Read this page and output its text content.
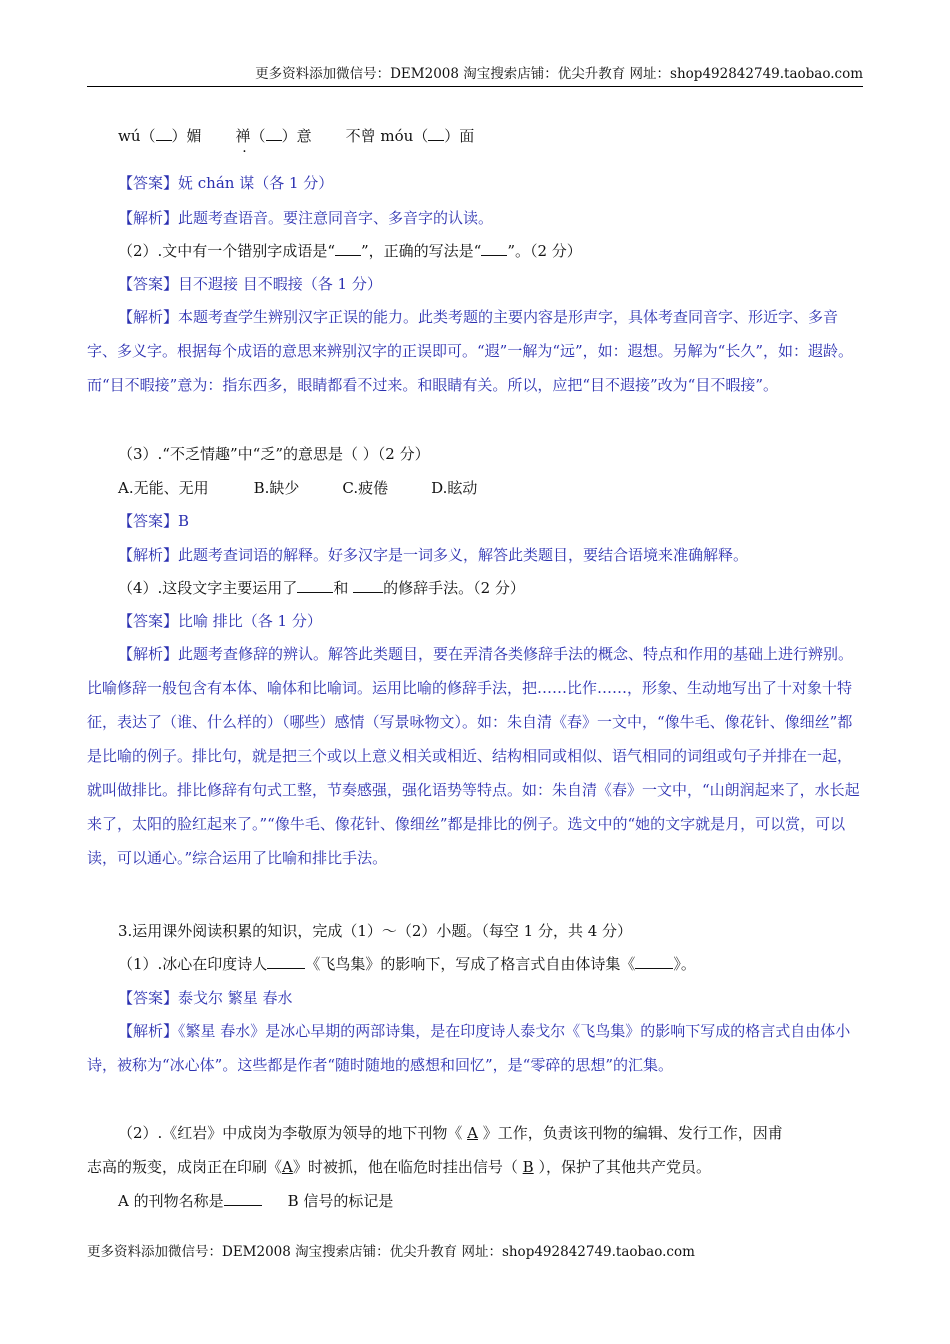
更多资料添加微信号：DEM2008 淘宝搜索店铺：优尖升教育 网址：shop492842749.taobao.com
wú（ ）媚 禅（ ）意 不曾 móu（ ）面
【答案】妩 chán 谋（各 1 分）
【解析】此题考查语音。要注意同音字、多音字的认读。
（2）.文中有一个错别字成语是“ ”，正确的写法是“ ”。（2 分）
【答案】目不遐接 目不暇接（各 1 分）
【解析】本题考查学生辨别汉字正误的能力。此类考题的主要内容是形声字，具体考查同音字、形近字、多音字、多义字。根据每个成语的意思来辨别汉字的正误即可。“遐”一解为“远”，如：遐想。另解为“长久”，如：遐龄。而“目不暇接”意为：指东西多，眼睛都看不过来。和眼睛有关。所以，应把“目不遐接”改为“目不暇接”。
（3）.“不乏情趣”中“乏”的意思是（ ）（2 分）
A.无能、无用	B.缺少	C.疲倦	D.眩动
【答案】B
【解析】此题考查词语的解释。好多汉字是一词多义，解答此类题目，要结合语境来准确解释。
（4）.这段文字主要运用了 和 的修辞手法。（2 分）
【答案】比喻 排比（各 1 分）
【解析】此题考查修辞的辨认。解答此类题目，要在弄清各类修辞手法的概念、特点和作用的基础上进行辨别。比喻修辞一般包含有本体、喻体和比喻词。运用比喻的修辞手法，把……比作……，形象、生动地写出了十对象十特征，表达了（谁、什么样的）（哪些）感情（写景咏物文）。如：朱自清《春》一文中，“像牛毛、像花针、像细丝”都是比喻的例子。排比句，就是把三个或以上意义相关或相近、结构相同或相似、语气相同的词组或句子并排在一起，就叫做排比。排比修辞有句式工整，节奏感强，强化语势等特点。如：朱自清《春》一文中，“山朗润起来了，水长起来了，太阳的脸红起来了。”“像牛毛、像花针、像细丝”都是排比的例子。选文中的“她的文字就是月，可以赏，可以读，可以通心。”综合运用了比喻和排比手法。
3.运用课外阅读积累的知识，完成（1）～（2）小题。（每空 1 分，共 4 分）
（1）.冰心在印度诗人	《飞鸟集》的影响下，写成了格言式自由体诗集《	》。
【答案】泰戈尔 繁星 春水
【解析】《繁星 春水》是冰心早期的两部诗集，是在印度诗人泰戈尔《飞鸟集》的影响下写成的格言式自由体小诗，被称为“冰心体”。这些都是作者“随时随地的感想和回忆”，是“零碎的思想”的汇集。
（2）.《红岩》中成岗为李敬原为领导的地下刊物《 A 》工作，负责该刊物的编辑、发行工作，因甫
志高的叛变，成岗正在印刷《A》时被抓，他在临危时挂出信号（ B ），保护了其他共产党员。
A 的刊物名称是	B 信号的标记是
更多资料添加微信号：DEM2008 淘宝搜索店铺：优尖升教育 网址：shop492842749.taobao.com
